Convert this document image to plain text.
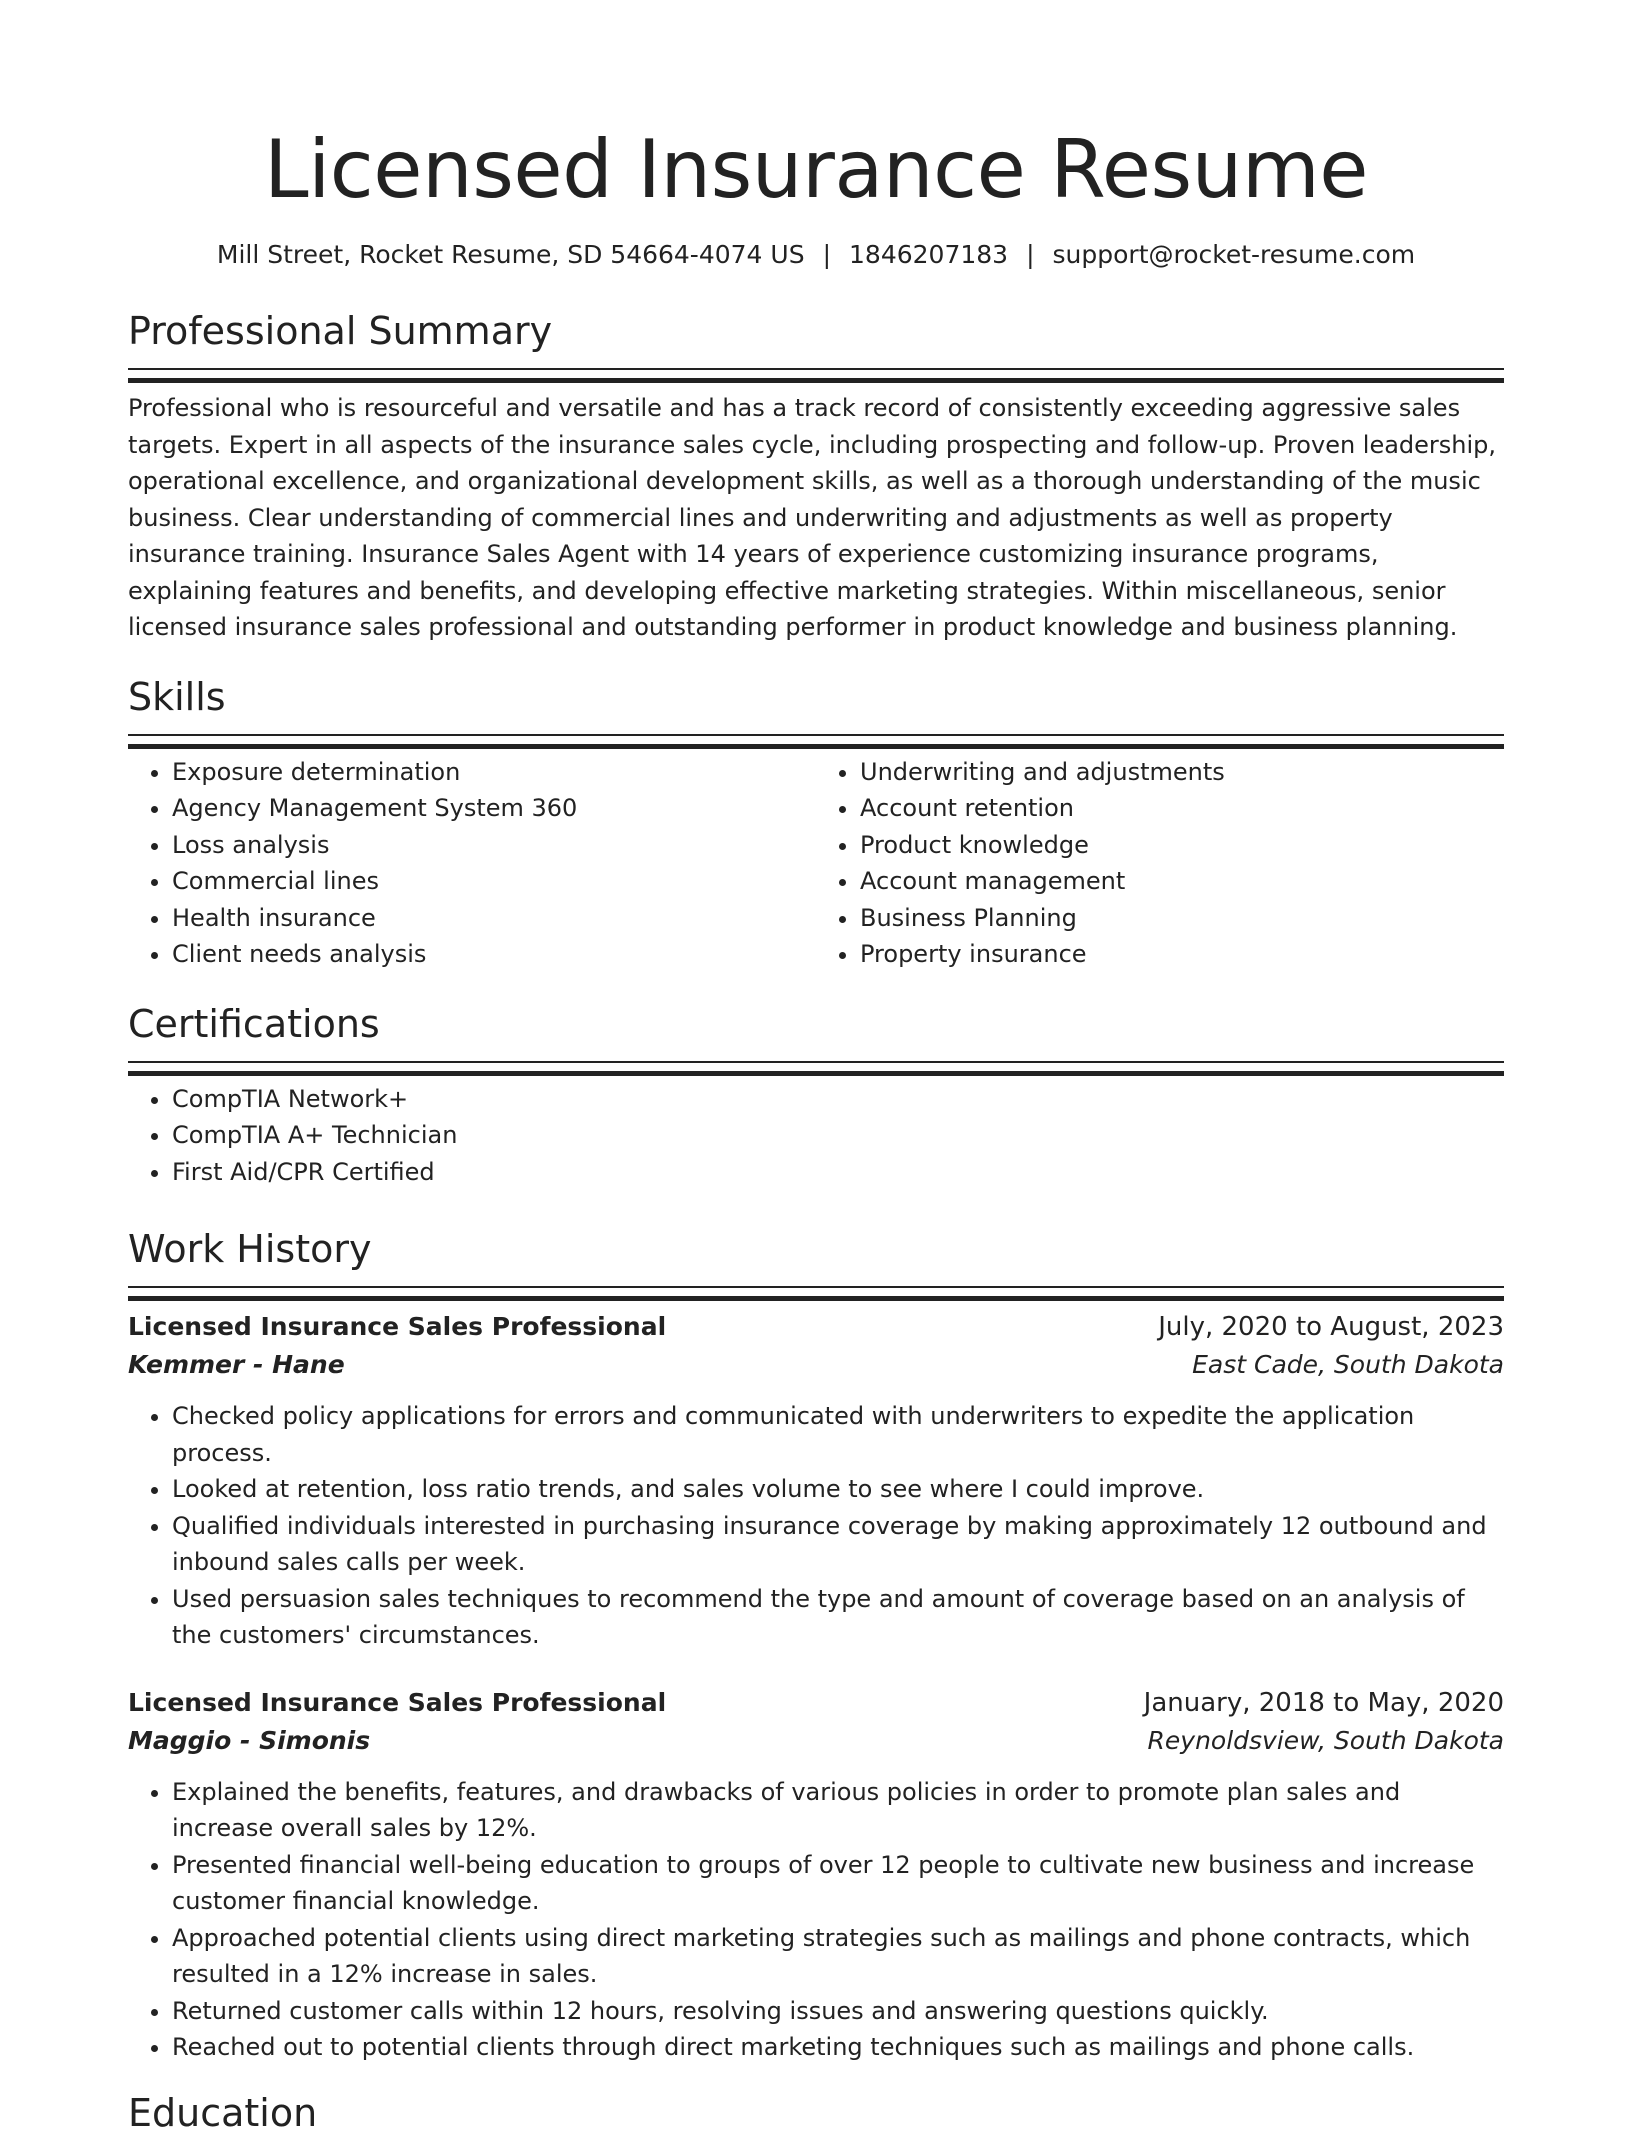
Licensed Insurance Resume
Mill Street, Rocket Resume, SD 54664-4074 US | 1846207183 | support@rocket-resume.com
Professional Summary

Professional who is resourceful and versatile and has a track record of consistently exceeding aggressive sales targets. Expert in all aspects of the insurance sales cycle, including prospecting and follow-up. Proven leadership, operational excellence, and organizational development skills, as well as a thorough understanding of the music business. Clear understanding of commercial lines and underwriting and adjustments as well as property insurance training. Insurance Sales Agent with 14 years of experience customizing insurance programs, explaining features and benefits, and developing effective marketing strategies. Within miscellaneous, senior licensed insurance sales professional and outstanding performer in product knowledge and business planning.

Skills
• Exposure determination
• Agency Management System 360
• Loss analysis
• Commercial lines
• Health insurance
• Client needs analysis
• Underwriting and adjustments
• Account retention
• Product knowledge
• Account management
• Business Planning
• Property insurance
Certifications
• CompTIA Network+
• CompTIA A+ Technician
• First Aid/CPR Certified
Work History
Licensed Insurance Sales Professional	July, 2020 to August, 2023
Kemmer - Hane	East Cade, South Dakota
• Checked policy applications for errors and communicated with underwriters to expedite the application process.
• Looked at retention, loss ratio trends, and sales volume to see where I could improve.
• Qualified individuals interested in purchasing insurance coverage by making approximately 12 outbound and inbound sales calls per week.
• Used persuasion sales techniques to recommend the type and amount of coverage based on an analysis of the customers' circumstances.
Licensed Insurance Sales Professional	January, 2018 to May, 2020
Maggio - Simonis	Reynoldsview, South Dakota
• Explained the benefits, features, and drawbacks of various policies in order to promote plan sales and increase overall sales by 12%.
• Presented financial well-being education to groups of over 12 people to cultivate new business and increase customer financial knowledge.
• Approached potential clients using direct marketing strategies such as mailings and phone contracts, which resulted in a 12% increase in sales.
• Returned customer calls within 12 hours, resolving issues and answering questions quickly.
• Reached out to potential clients through direct marketing techniques such as mailings and phone calls.
Education
